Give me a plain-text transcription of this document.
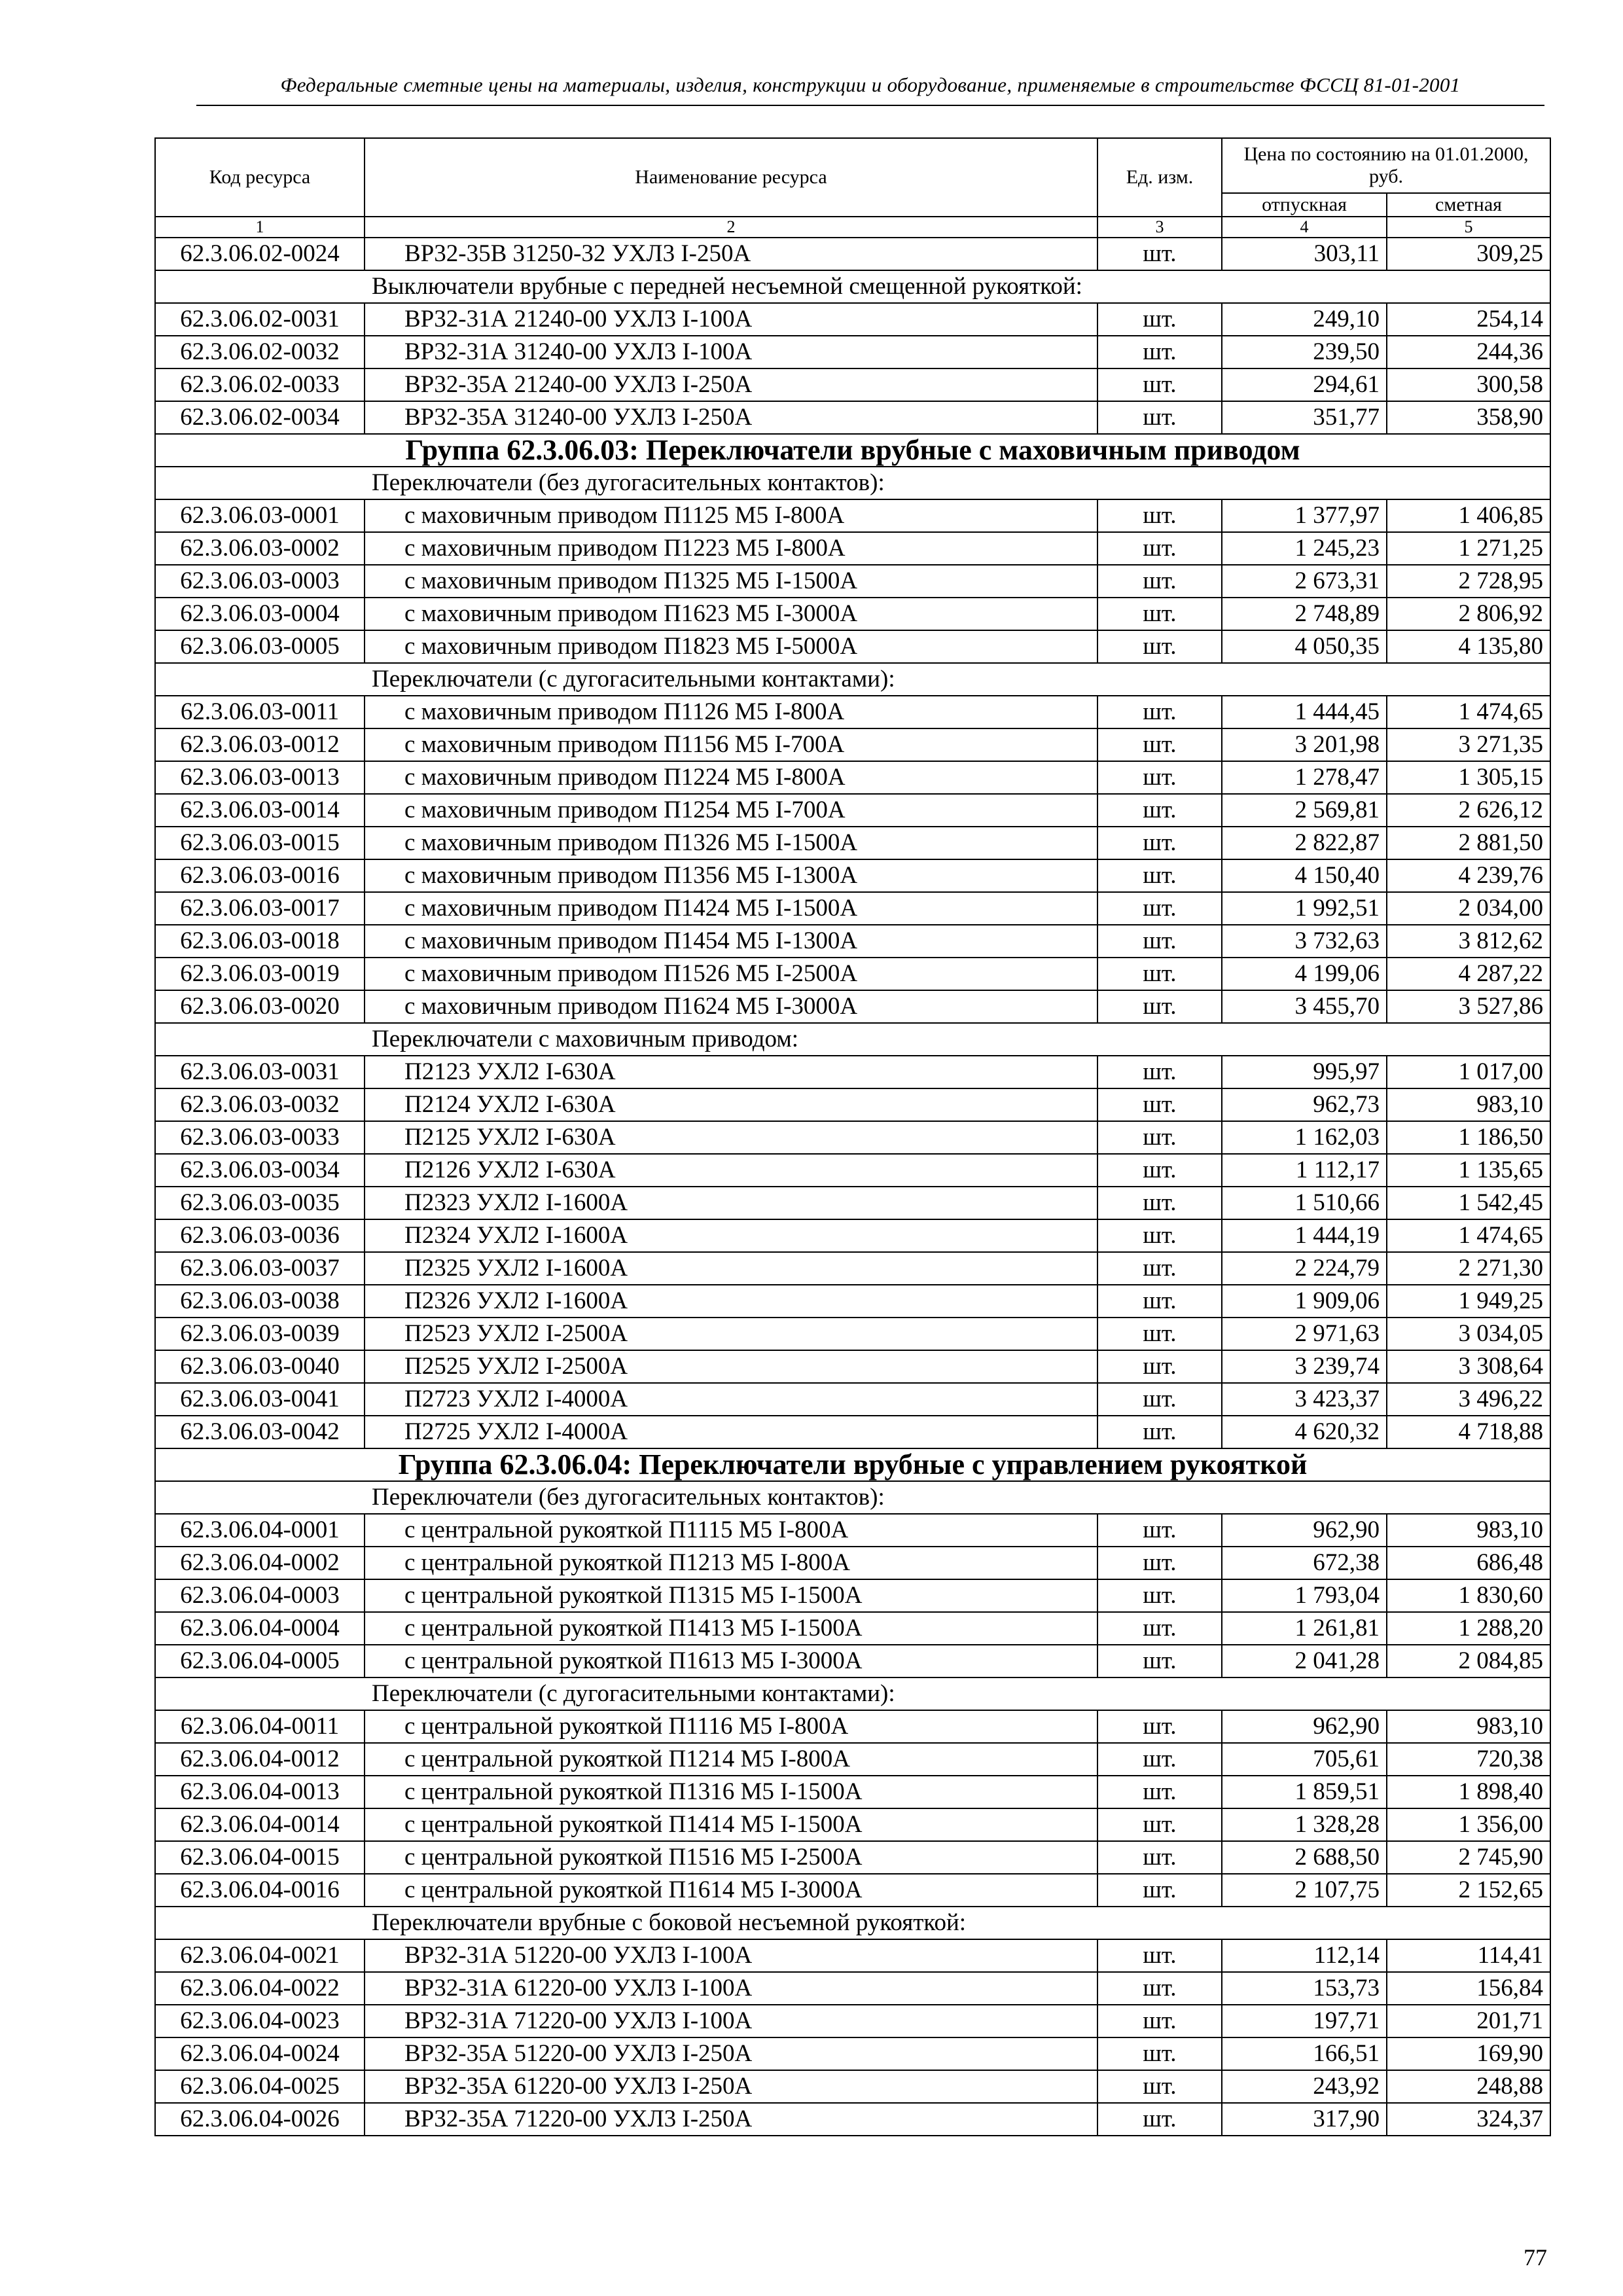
Федеральные сметные цены на материалы, изделия, конструкции и оборудование, применяемые в строительстве ФССЦ 81-01-2001
Код ресурса	Наименование ресурса	Ед. изм.	Цена по состоянию на 01.01.2000, руб.	
			отпускная	сметная
1	2	3	4	5
62.3.06.02-0024	ВР32-35В 31250-32 УХЛ3 I-250А	шт.	303,11	309,25
Выключатели врубные с передней несъемной смещенной рукояткой:				
62.3.06.02-0031	ВР32-31А 21240-00 УХЛ3 I-100А	шт.	249,10	254,14
62.3.06.02-0032	ВР32-31А 31240-00 УХЛ3 I-100А	шт.	239,50	244,36
62.3.06.02-0033	ВР32-35А 21240-00 УХЛ3 I-250А	шт.	294,61	300,58
62.3.06.02-0034	ВР32-35А 31240-00 УХЛ3 I-250А	шт.	351,77	358,90
Группа 62.3.06.03: Переключатели врубные с маховичным приводом				
Переключатели (без дугогасительных контактов):				
62.3.06.03-0001	с маховичным приводом П1125 М5 I-800А	шт.	1 377,97	1 406,85
62.3.06.03-0002	с маховичным приводом П1223 М5 I-800А	шт.	1 245,23	1 271,25
62.3.06.03-0003	с маховичным приводом П1325 М5 I-1500А	шт.	2 673,31	2 728,95
62.3.06.03-0004	с маховичным приводом П1623 М5 I-3000А	шт.	2 748,89	2 806,92
62.3.06.03-0005	с маховичным приводом П1823 М5 I-5000А	шт.	4 050,35	4 135,80
Переключатели (с дугогасительными контактами):				
62.3.06.03-0011	с маховичным приводом П1126 М5 I-800А	шт.	1 444,45	1 474,65
62.3.06.03-0012	с маховичным приводом П1156 М5 I-700А	шт.	3 201,98	3 271,35
62.3.06.03-0013	с маховичным приводом П1224 М5 I-800А	шт.	1 278,47	1 305,15
62.3.06.03-0014	с маховичным приводом П1254 М5 I-700А	шт.	2 569,81	2 626,12
62.3.06.03-0015	с маховичным приводом П1326 М5 I-1500А	шт.	2 822,87	2 881,50
62.3.06.03-0016	с маховичным приводом П1356 М5 I-1300А	шт.	4 150,40	4 239,76
62.3.06.03-0017	с маховичным приводом П1424 М5 I-1500А	шт.	1 992,51	2 034,00
62.3.06.03-0018	с маховичным приводом П1454 М5 I-1300А	шт.	3 732,63	3 812,62
62.3.06.03-0019	с маховичным приводом П1526 М5 I-2500А	шт.	4 199,06	4 287,22
62.3.06.03-0020	с маховичным приводом П1624 М5 I-3000А	шт.	3 455,70	3 527,86
Переключатели с маховичным приводом:				
62.3.06.03-0031	П2123 УХЛ2 I-630А	шт.	995,97	1 017,00
62.3.06.03-0032	П2124 УХЛ2 I-630А	шт.	962,73	983,10
62.3.06.03-0033	П2125 УХЛ2 I-630А	шт.	1 162,03	1 186,50
62.3.06.03-0034	П2126 УХЛ2 I-630А	шт.	1 112,17	1 135,65
62.3.06.03-0035	П2323 УХЛ2 I-1600А	шт.	1 510,66	1 542,45
62.3.06.03-0036	П2324 УХЛ2 I-1600А	шт.	1 444,19	1 474,65
62.3.06.03-0037	П2325 УХЛ2 I-1600А	шт.	2 224,79	2 271,30
62.3.06.03-0038	П2326 УХЛ2 I-1600А	шт.	1 909,06	1 949,25
62.3.06.03-0039	П2523 УХЛ2 I-2500А	шт.	2 971,63	3 034,05
62.3.06.03-0040	П2525 УХЛ2 I-2500А	шт.	3 239,74	3 308,64
62.3.06.03-0041	П2723 УХЛ2 I-4000А	шт.	3 423,37	3 496,22
62.3.06.03-0042	П2725 УХЛ2 I-4000А	шт.	4 620,32	4 718,88
Группа 62.3.06.04: Переключатели врубные с управлением рукояткой				
Переключатели (без дугогасительных контактов):				
62.3.06.04-0001	с центральной рукояткой П1115 М5 I-800А	шт.	962,90	983,10
62.3.06.04-0002	с центральной рукояткой П1213 М5 I-800А	шт.	672,38	686,48
62.3.06.04-0003	с центральной рукояткой П1315 М5 I-1500А	шт.	1 793,04	1 830,60
62.3.06.04-0004	с центральной рукояткой П1413 М5 I-1500А	шт.	1 261,81	1 288,20
62.3.06.04-0005	с центральной рукояткой П1613 М5 I-3000А	шт.	2 041,28	2 084,85
Переключатели (с дугогасительными контактами):				
62.3.06.04-0011	с центральной рукояткой П1116 М5 I-800А	шт.	962,90	983,10
62.3.06.04-0012	с центральной рукояткой П1214 М5 I-800А	шт.	705,61	720,38
62.3.06.04-0013	с центральной рукояткой П1316 М5 I-1500А	шт.	1 859,51	1 898,40
62.3.06.04-0014	с центральной рукояткой П1414 М5 I-1500А	шт.	1 328,28	1 356,00
62.3.06.04-0015	с центральной рукояткой П1516 М5 I-2500А	шт.	2 688,50	2 745,90
62.3.06.04-0016	с центральной рукояткой П1614 М5 I-3000А	шт.	2 107,75	2 152,65
Переключатели врубные с боковой несъемной рукояткой:				
62.3.06.04-0021	ВР32-31А 51220-00 УХЛ3 I-100А	шт.	112,14	114,41
62.3.06.04-0022	ВР32-31А 61220-00 УХЛ3 I-100А	шт.	153,73	156,84
62.3.06.04-0023	ВР32-31А 71220-00 УХЛ3 I-100А	шт.	197,71	201,71
62.3.06.04-0024	ВР32-35А 51220-00 УХЛ3 I-250А	шт.	166,51	169,90
62.3.06.04-0025	ВР32-35А 61220-00 УХЛ3 I-250А	шт.	243,92	248,88
62.3.06.04-0026	ВР32-35А 71220-00 УХЛ3 I-250А	шт.	317,90	324,37
77
